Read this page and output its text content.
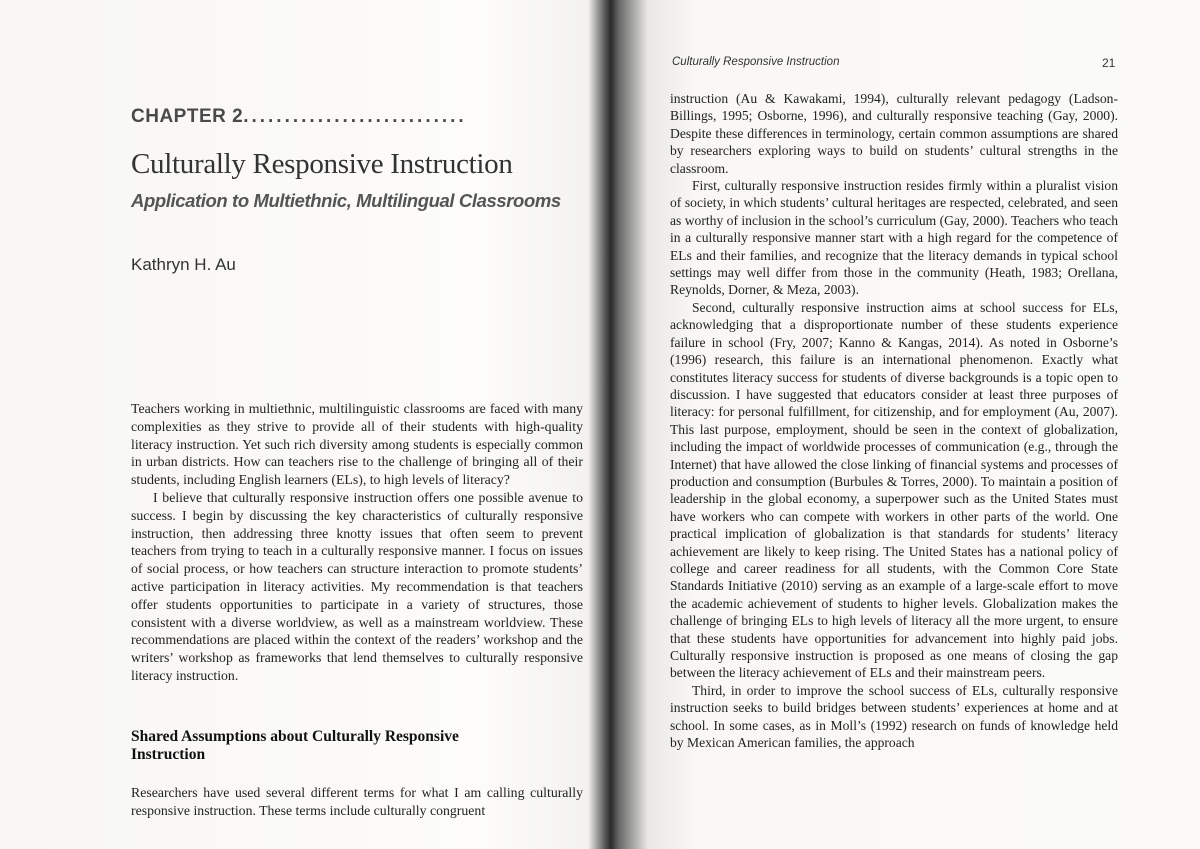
CHAPTER 2...........................
Culturally Responsive Instruction
Application to Multiethnic, Multilingual Classrooms
Kathryn H. Au

Teachers working in multiethnic, multilinguistic classrooms are faced with many complexities as they strive to provide all of their students with high-quality literacy instruction. Yet such rich diversity among students is especially common in urban districts. How can teachers rise to the challenge of bringing all of their students, including English learners (ELs), to high levels of literacy?

I believe that culturally responsive instruction offers one possible avenue to success. I begin by discussing the key characteristics of culturally responsive instruction, then addressing three knotty issues that often seem to prevent teachers from trying to teach in a culturally responsive manner. I focus on issues of social process, or how teachers can structure interaction to promote students’ active participation in literacy activities. My recommendation is that teachers offer students opportunities to participate in a variety of structures, those consistent with a diverse worldview, as well as a mainstream worldview. These recommendations are placed within the context of the readers’ workshop and the writers’ workshop as frameworks that lend themselves to culturally responsive literacy instruction.

Shared Assumptions about Culturally Responsive Instruction

Researchers have used several different terms for what I am calling culturally responsive instruction. These terms include culturally congruent

Culturally Responsive Instruction	21

instruction (Au & Kawakami, 1994), culturally relevant pedagogy (Ladson-Billings, 1995; Osborne, 1996), and culturally responsive teaching (Gay, 2000). Despite these differences in terminology, certain common assumptions are shared by researchers exploring ways to build on students’ cultural strengths in the classroom.

First, culturally responsive instruction resides firmly within a pluralist vision of society, in which students’ cultural heritages are respected, celebrated, and seen as worthy of inclusion in the school’s curriculum (Gay, 2000). Teachers who teach in a culturally responsive manner start with a high regard for the competence of ELs and their families, and recognize that the literacy demands in typical school settings may well differ from those in the community (Heath, 1983; Orellana, Reynolds, Dorner, & Meza, 2003).

Second, culturally responsive instruction aims at school success for ELs, acknowledging that a disproportionate number of these students experience failure in school (Fry, 2007; Kanno & Kangas, 2014). As noted in Osborne’s (1996) research, this failure is an international phenomenon. Exactly what constitutes literacy success for students of diverse backgrounds is a topic open to discussion. I have suggested that educators consider at least three purposes of literacy: for personal fulfillment, for citizenship, and for employment (Au, 2007). This last purpose, employment, should be seen in the context of globalization, including the impact of worldwide processes of communication (e.g., through the Internet) that have allowed the close linking of financial systems and processes of production and consumption (Burbules & Torres, 2000). To maintain a position of leadership in the global economy, a superpower such as the United States must have workers who can compete with workers in other parts of the world. One practical implication of globalization is that standards for students’ literacy achievement are likely to keep rising. The United States has a national policy of college and career readiness for all students, with the Common Core State Standards Initiative (2010) serving as an example of a large-scale effort to move the academic achievement of students to higher levels. Globalization makes the challenge of bringing ELs to high levels of literacy all the more urgent, to ensure that these students have opportunities for advancement into highly paid jobs. Culturally responsive instruction is proposed as one means of closing the gap between the literacy achievement of ELs and their mainstream peers.

Third, in order to improve the school success of ELs, culturally responsive instruction seeks to build bridges between students’ experiences at home and at school. In some cases, as in Moll’s (1992) research on funds of knowledge held by Mexican American families, the approach
